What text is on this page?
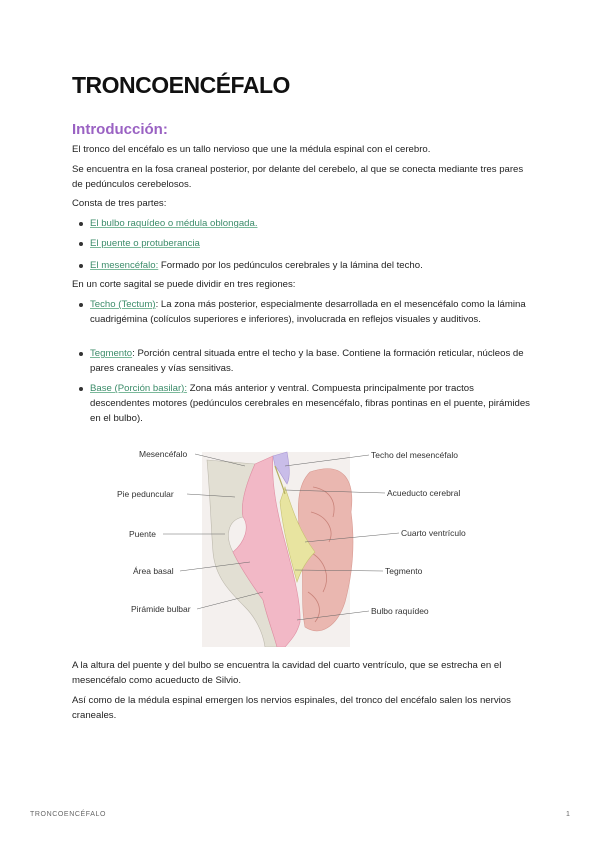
TRONCOENCÉFALO
Introducción:

El tronco del encéfalo es un tallo nervioso que une la médula espinal con el cerebro.

Se encuentra en la fosa craneal posterior, por delante del cerebelo, al que se conecta mediante tres pares de pedúnculos cerebelosos.

Consta de tres partes:

El bulbo raquídeo o médula oblongada.
El puente o protuberancia
El mesencéfalo: Formado por los pedúnculos cerebrales y la lámina del techo.

En un corte sagital se puede dividir en tres regiones:

Techo (Tectum): La zona más posterior, especialmente desarrollada en el mesencéfalo como la lámina cuadrigémina (colículos superiores e inferiores), involucrada en reflejos visuales y auditivos.
Tegmento: Porción central situada entre el techo y la base. Contiene la formación reticular, núcleos de pares craneales y vías sensitivas.
Base (Porción basilar): Zona más anterior y ventral. Compuesta principalmente por tractos descendentes motores (pedúnculos cerebrales en mesencéfalo, fibras pontinas en el puente, pirámides en el bulbo).
Mesencéfalo
Pie peduncular
Puente
Área basal
Pirámide bulbar
Techo del mesencéfalo
Acueducto cerebral
Cuarto ventrículo
Tegmento
Bulbo raquídeo

A la altura del puente y del bulbo se encuentra la cavidad del cuarto ventrículo, que se estrecha en el mesencéfalo como acueducto de Silvio.

Así como de la médula espinal emergen los nervios espinales, del tronco del encéfalo salen los nervios craneales.

TRONCOENCÉFALO	1
